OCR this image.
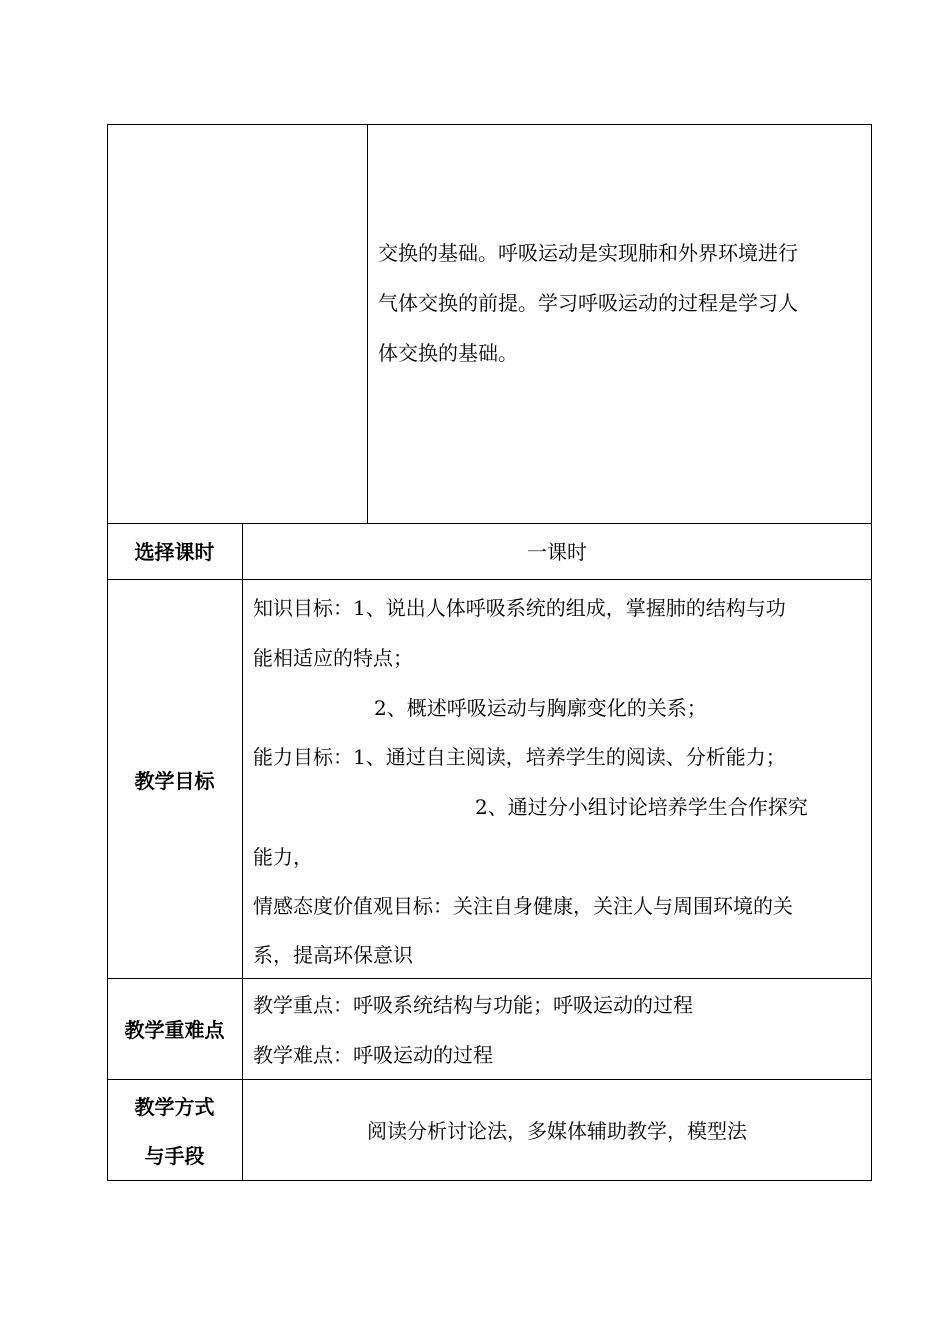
交换的基础。呼吸运动是实现肺和外界环境进行
气体交换的前提。学习呼吸运动的过程是学习人
体交换的基础。
选择课时	一课时
教学目标
知识目标：1、说出人体呼吸系统的组成，掌握肺的结构与功
能相适应的特点；
2、概述呼吸运动与胸廓变化的关系；
能力目标：1、通过自主阅读，培养学生的阅读、分析能力；
2、通过分小组讨论培养学生合作探究
能力，
情感态度价值观目标：关注自身健康，关注人与周围环境的关
系，提高环保意识
教学重难点
教学重点：呼吸系统结构与功能；呼吸运动的过程
教学难点：呼吸运动的过程
教学方式
与手段
阅读分析讨论法，多媒体辅助教学，模型法
